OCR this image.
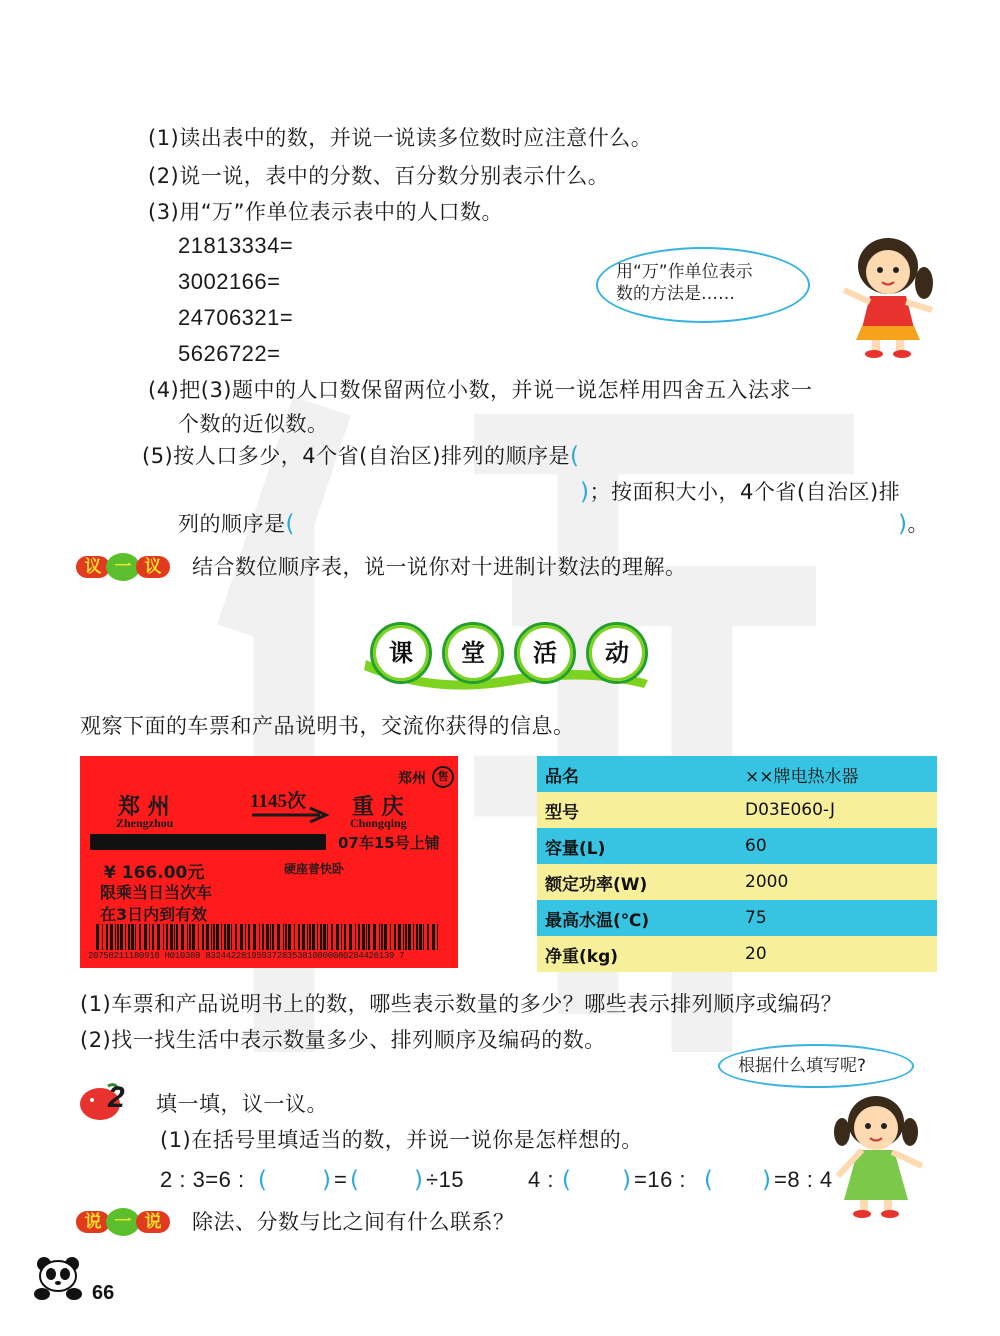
(1)读出表中的数，并说一说读多位数时应注意什么。
(2)说一说，表中的分数、百分数分别表示什么。
(3)用“万”作单位表示表中的人口数。
21813334=
3002166=
24706321=
5626722=
用“万”作单位表示
数的方法是……
(4)把(3)题中的人口数保留两位小数，并说一说怎样用四舍五入法求一
个数的近似数。
(5)按人口多少，4个省(自治区)排列的顺序是(
)；按面积大小，4个省(自治区)排
列的顺序是(	)。
议 一 议	结合数位顺序表，说一说你对十进制计数法的理解。
课	堂	活	动
观察下面的车票和产品说明书，交流你获得的信息。
郑州	售
郑 州
Zhengzhou
1145次 重 庆
Chongqing
07车15号上铺
¥ 166.00元	硬座普快卧
限乘当日当次车
在3日内到有效
20750211180910 H010388 8324422819593728353810800080284426139 7
品名	××牌电热水器
型号	D03E060-J
容量(L)	60
额定功率(W)	2000
最高水温(℃)	75
净重(kg)	20
(1)车票和产品说明书上的数，哪些表示数量的多少？哪些表示排列顺序或编码？
(2)找一找生活中表示数量多少、排列顺序及编码的数。
根据什么填写呢?
2 填一填，议一议。
(1)在括号里填适当的数，并说一说你是怎样想的。
2 : 3=6 : ( ) = ( ) ÷15	4 : ( ) =16 : ( ) =8 : 4
说 一 说	除法、分数与比之间有什么联系？
66
